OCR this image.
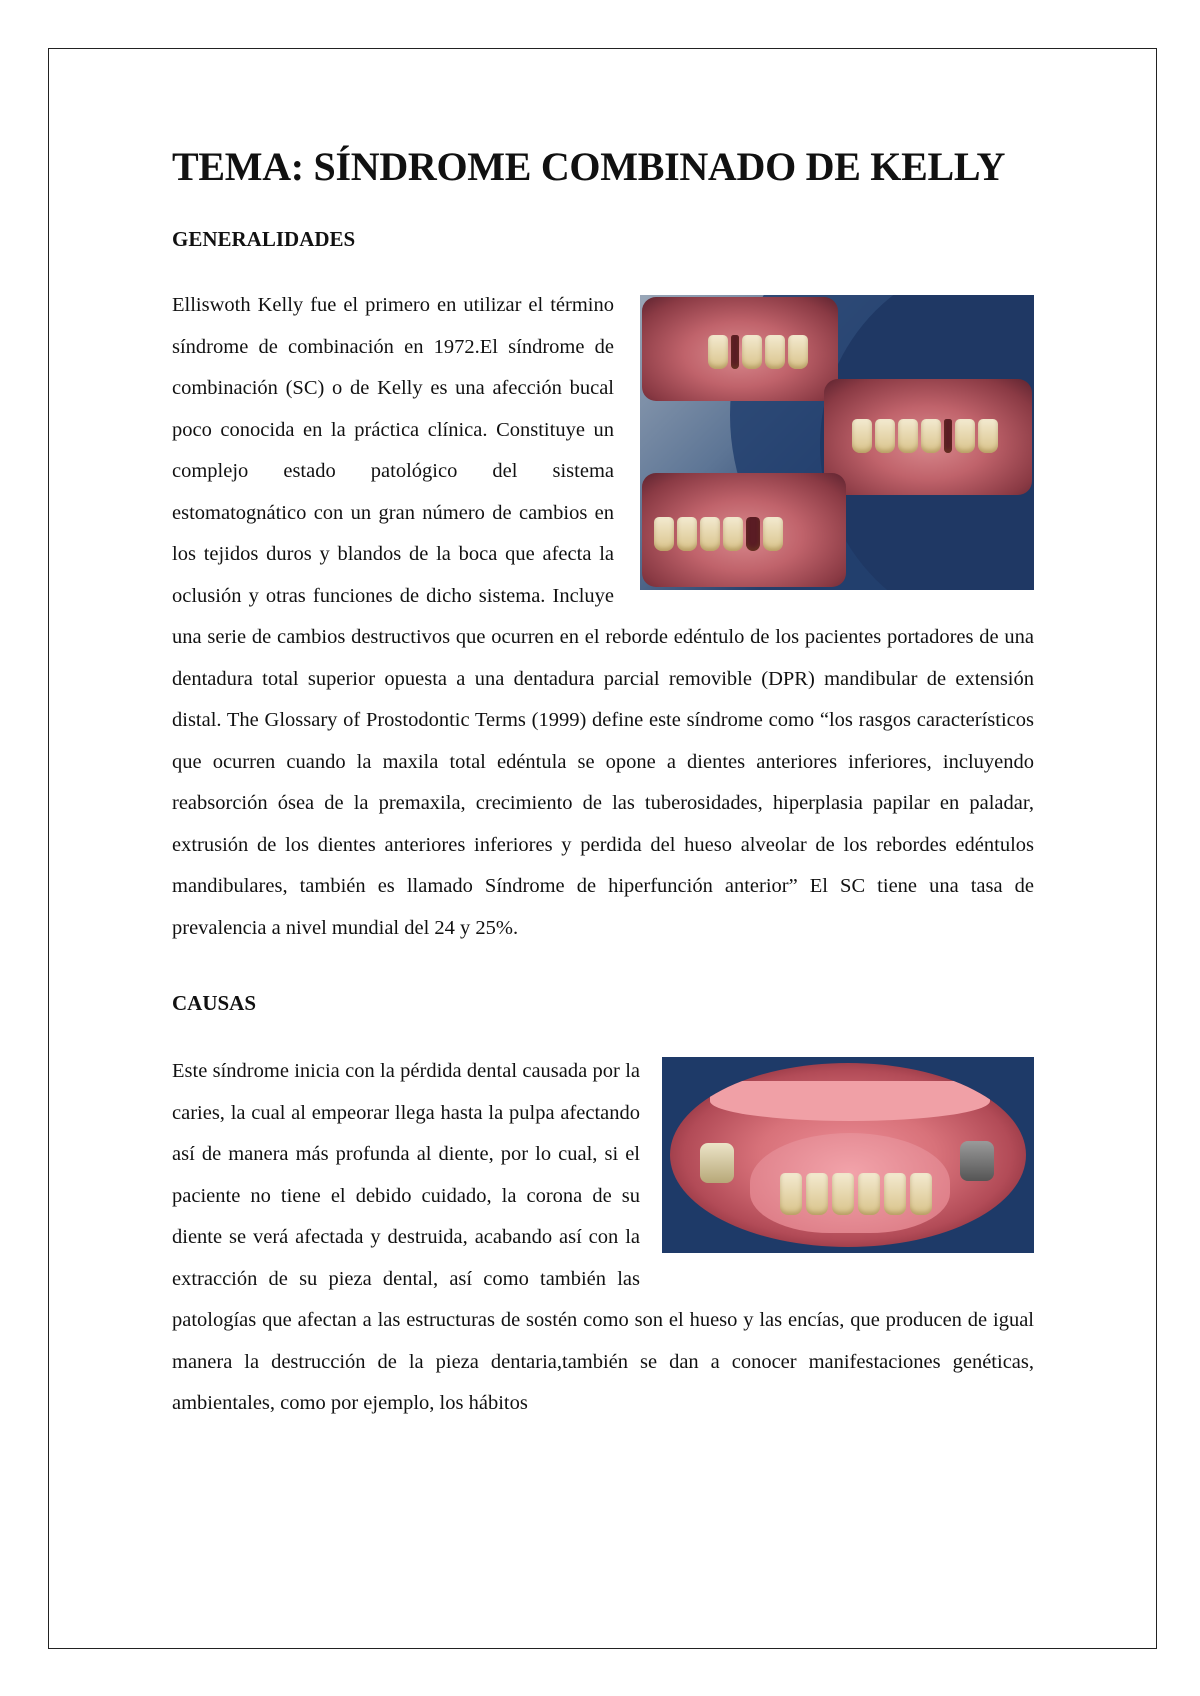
TEMA: SÍNDROME COMBINADO DE KELLY
GENERALIDADES

Elliswoth Kelly fue el primero en utilizar el término síndrome de combinación en 1972.El síndrome de combinación (SC) o de Kelly es una afección bucal poco conocida en la práctica clínica. Constituye un complejo estado patológico del sistema estomatognático con un gran número de cambios en los tejidos duros y blandos de la boca que afecta la oclusión y otras funciones de dicho sistema. Incluye una serie de cambios destructivos que ocurren en el reborde edéntulo de los pacientes portadores de una dentadura total superior opuesta a una dentadura parcial removible (DPR) mandibular de extensión distal. The Glossary of Prostodontic Terms (1999) define este síndrome como “los rasgos característicos que ocurren cuando la maxila total edéntula se opone a dientes anteriores inferiores, incluyendo reabsorción ósea de la premaxila, crecimiento de las tuberosidades, hiperplasia papilar en paladar, extrusión de los dientes anteriores inferiores y perdida del hueso alveolar de los rebordes edéntulos mandibulares, también es llamado Síndrome de hiperfunción anterior” El SC tiene una tasa de prevalencia a nivel mundial del 24 y 25%.

CAUSAS

Este síndrome inicia con la pérdida dental causada por la caries, la cual al empeorar llega hasta la pulpa afectando así de manera más profunda al diente, por lo cual, si el paciente no tiene el debido cuidado, la corona de su diente se verá afectada y destruida, acabando así con la extracción de su pieza dental, así como también las patologías que afectan a las estructuras de sostén como son el hueso y las encías, que producen de igual manera la destrucción de la pieza dentaria,también se dan a conocer manifestaciones genéticas, ambientales, como por ejemplo, los hábitos
